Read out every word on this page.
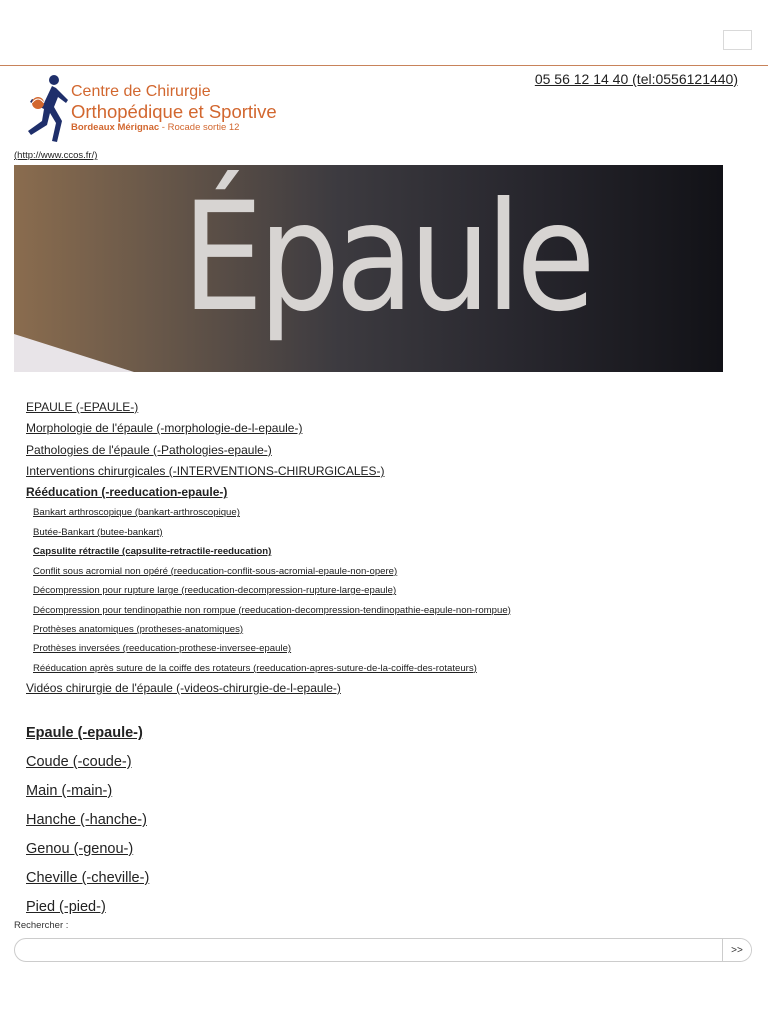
05 56 12 14 40 (tel:0556121440)
Centre de Chirurgie
Orthopédique et Sportive
Bordeaux Mérignac - Rocade sortie 12
(http://www.ccos.fr/)
Épaule
EPAULE (-EPAULE-)
Morphologie de l'épaule (-morphologie-de-l-epaule-)
Pathologies de l'épaule (-Pathologies-epaule-)
Interventions chirurgicales (-INTERVENTIONS-CHIRURGICALES-)
Rééducation (-reeducation-epaule-)
Bankart arthroscopique (bankart-arthroscopique)
Butée-Bankart (butee-bankart)
Capsulite rétractile (capsulite-retractile-reeducation)
Conflit sous acromial non opéré (reeducation-conflit-sous-acromial-epaule-non-opere)
Décompression pour rupture large (reeducation-decompression-rupture-large-epaule)
Décompression pour tendinopathie non rompue (reeducation-decompression-tendinopathie-eapule-non-rompue)
Prothèses anatomiques (protheses-anatomiques)
Prothèses inversées (reeducation-prothese-inversee-epaule)
Rééducation après suture de la coiffe des rotateurs (reeducation-apres-suture-de-la-coiffe-des-rotateurs)
Vidéos chirurgie de l'épaule (-videos-chirurgie-de-l-epaule-)
Epaule (-epaule-)
Coude (-coude-)
Main (-main-)
Hanche (-hanche-)
Genou (-genou-)
Cheville (-cheville-)
Pied (-pied-)
Rechercher :
>>
